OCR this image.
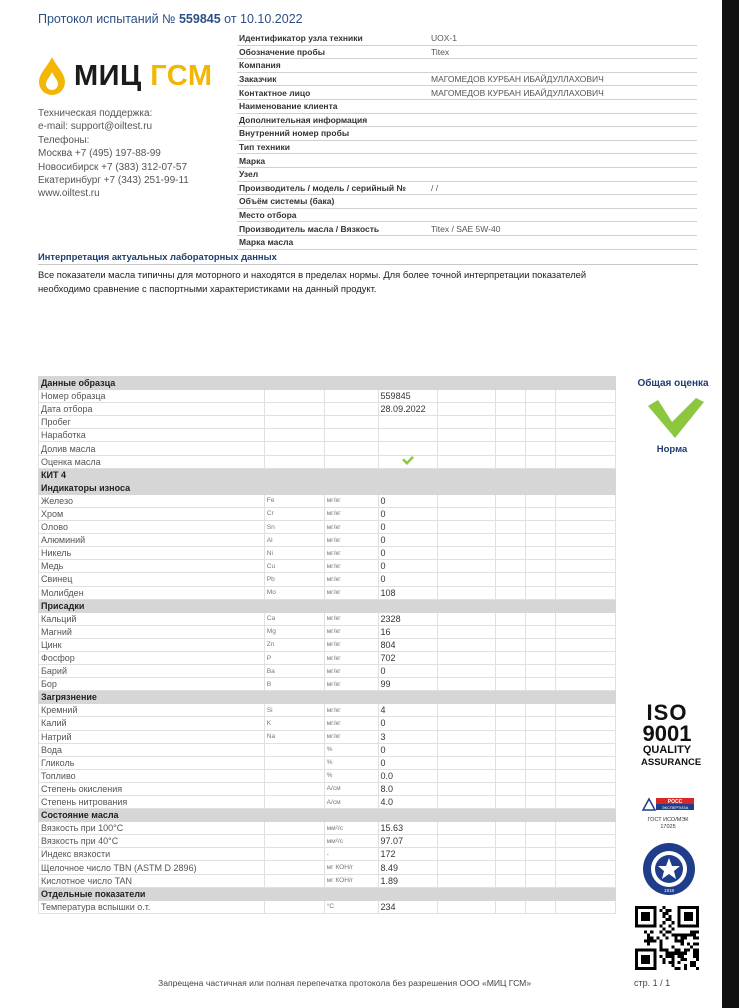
Протокол испытаний № 559845 от 10.10.2022
МИЦ ГСМ
Техническая поддержка:
e-mail: support@oiltest.ru
Телефоны:
Москва +7 (495) 197-88-99
Новосибирск +7 (383) 312-07-57
Екатеринбург +7 (343) 251-99-11
www.oiltest.ru
Идентификатор узла техники	UOX-1
Обозначение пробы	Titex
Компания	
Заказчик	МАГОМЕДОВ КУРБАН ИБАЙДУЛЛАХОВИЧ
Контактное лицо	МАГОМЕДОВ КУРБАН ИБАЙДУЛЛАХОВИЧ
Наименование клиента	
Дополнительная информация	
Внутренний номер пробы	
Тип техники	
Марка	
Узел	
Производитель / модель / серийный №	/ /
Объём системы (бака)	
Место отбора	
Производитель масла / Вязкость	Titex / SAE 5W-40
Марка масла	
Интерпретация актуальных лабораторных данных

Все показатели масла типичны для моторного и находятся в пределах нормы. Для более точной интерпретации показателей
необходимо сравнение с паспортными характеристиками на данный продукт.

Данные образца							
Номер образца			559845				
Дата отбора			28.09.2022				
Пробег							
Наработка							
Долив масла							
Оценка масла							
КИТ 4							
Индикаторы износа							
Железо	Fe	мг/кг	0				
Хром	Cr	мг/кг	0				
Олово	Sn	мг/кг	0				
Алюминий	Al	мг/кг	0				
Никель	Ni	мг/кг	0				
Медь	Cu	мг/кг	0				
Свинец	Pb	мг/кг	0				
Молибден	Mo	мг/кг	108				
Присадки							
Кальций	Ca	мг/кг	2328				
Магний	Mg	мг/кг	16				
Цинк	Zn	мг/кг	804				
Фосфор	P	мг/кг	702				
Барий	Ba	мг/кг	0				
Бор	B	мг/кг	99				
Загрязнение							
Кремний	Si	мг/кг	4				
Калий	K	мг/кг	0				
Натрий	Na	мг/кг	3				
Вода		%	0				
Гликоль		%	0				
Топливо		%	0.0				
Степень окисления		A/см	8.0				
Степень нитрования		A/см	4.0				
Состояние масла							
Вязкость при 100°C		мм²/с	15.63				
Вязкость при 40°C		мм²/с	97.07				
Индекс вязкости		-	172				
Щелочное число TBN (ASTM D 2896)		мг КОН/г	8.49				
Кислотное число TAN		мг КОН/г	1.89				
Отдельные показатели							
Температура вспышки о.т.		°C	234				
Общая оценка
Норма
ISO
9001
QUALITY
ASSURANCE
РОСС
ЭКСПЕРТИЗА
ГОСТ ИСО/МЭК
17025
1918
стр. 1 / 1
Запрещена частичная или полная перепечатка протокола без разрешения ООО «МИЦ ГСМ»
